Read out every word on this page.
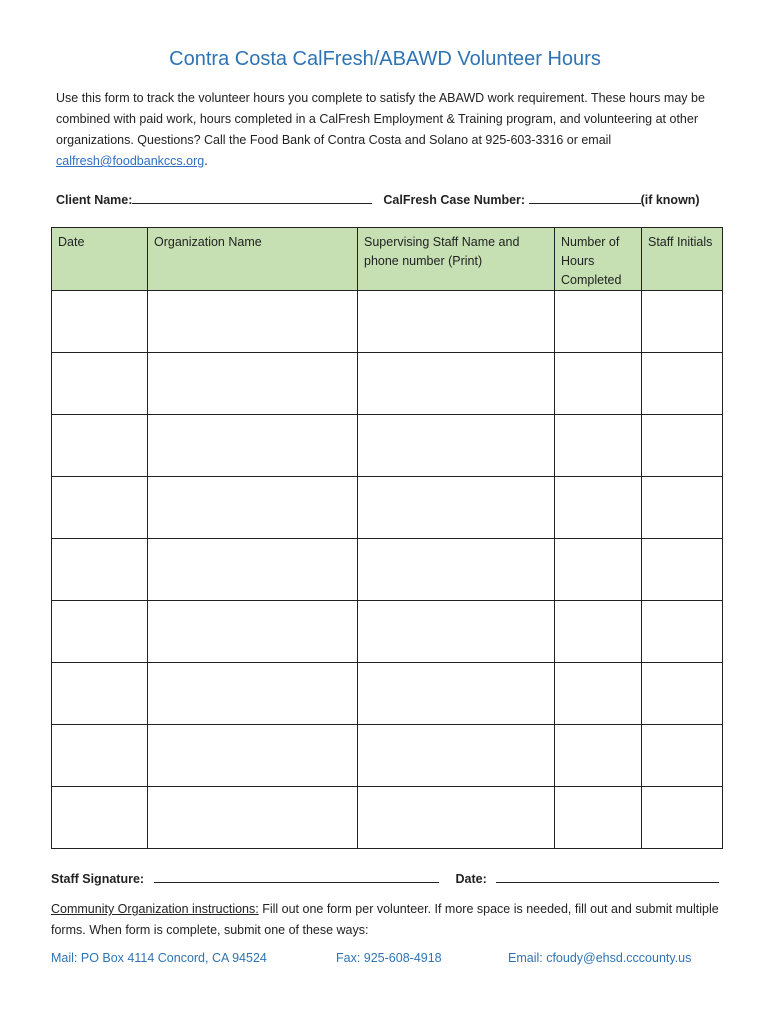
Contra Costa CalFresh/ABAWD Volunteer Hours
Use this form to track the volunteer hours you complete to satisfy the ABAWD work requirement. These hours may be combined with paid work, hours completed in a CalFresh Employment & Training program, and volunteering at other organizations. Questions? Call the Food Bank of Contra Costa and Solano at 925-603-3316 or email calfresh@foodbankccs.org.
Client Name:	CalFresh Case Number:	(if known)
Date	Organization Name	Supervising Staff Name and phone number (Print)	Number of Hours Completed	Staff Initials

Staff Signature:	Date:
Community Organization instructions: Fill out one form per volunteer. If more space is needed, fill out and submit multiple forms. When form is complete, submit one of these ways:
Mail: PO Box 4114 Concord, CA 94524	Fax: 925-608-4918	Email: cfoudy@ehsd.cccounty.us
